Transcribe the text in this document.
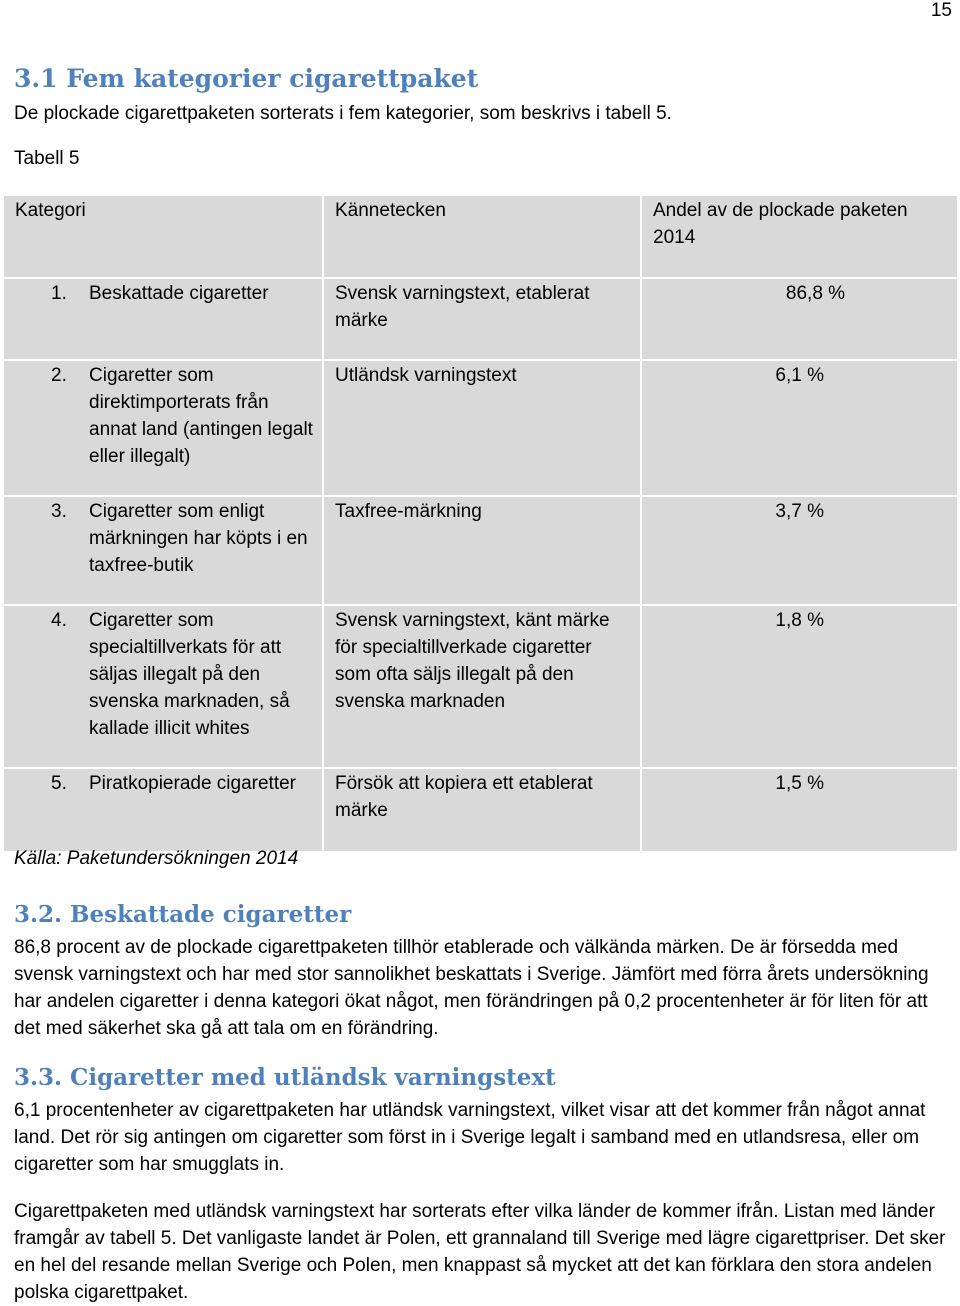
15
3.1 Fem kategorier cigarettpaket

De plockade cigarettpaketen sorterats i fem kategorier, som beskrivs i tabell 5.

Tabell 5

Kategori	Kännetecken	Andel av de plockade paketen 2014

1. Beskattade cigaretter	Svensk varningstext, etablerat märke	86,8 %

2. Cigaretter som direktimporterats från annat land (antingen legalt eller illegalt)	Utländsk varningstext	6,1 %

3. Cigaretter som enligt märkningen har köpts i en taxfree-butik	Taxfree-märkning	3,7 %

4. Cigaretter som specialtillverkats för att säljas illegalt på den svenska marknaden, så kallade illicit whites	Svensk varningstext, känt märke för specialtillverkade cigaretter som ofta säljs illegalt på den svenska marknaden	1,8 %

5. Piratkopierade cigaretter	Försök att kopiera ett etablerat märke	1,5 %

Källa: Paketundersökningen 2014

3.2. Beskattade cigaretter

86,8 procent av de plockade cigarettpaketen tillhör etablerade och välkända märken. De är försedda med svensk varningstext och har med stor sannolikhet beskattats i Sverige. Jämfört med förra årets undersökning har andelen cigaretter i denna kategori ökat något, men förändringen på 0,2 procentenheter är för liten för att det med säkerhet ska gå att tala om en förändring.

3.3. Cigaretter med utländsk varningstext

6,1 procentenheter av cigarettpaketen har utländsk varningstext, vilket visar att det kommer från något annat land. Det rör sig antingen om cigaretter som först in i Sverige legalt i samband med en utlandsresa, eller om cigaretter som har smugglats in.

Cigarettpaketen med utländsk varningstext har sorterats efter vilka länder de kommer ifrån. Listan med länder framgår av tabell 5. Det vanligaste landet är Polen, ett grannaland till Sverige med lägre cigarettpriser. Det sker en hel del resande mellan Sverige och Polen, men knappast så mycket att det kan förklara den stora andelen polska cigarettpaket.
